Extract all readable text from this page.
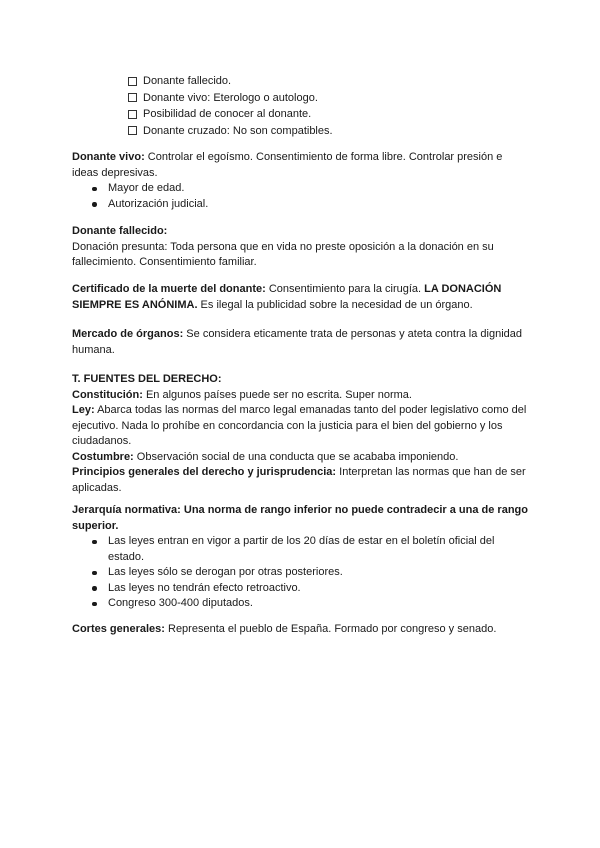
Donante fallecido.
Donante vivo: Eterologo o autologo.
Posibilidad de conocer al donante.
Donante cruzado: No son compatibles.

Donante vivo: Controlar el egoísmo. Consentimiento de forma libre. Controlar presión e ideas depresivas.

Mayor de edad.
Autorización judicial.

Donante fallecido:

Donación presunta: Toda persona que en vida no preste oposición a la donación en su fallecimiento. Consentimiento familiar.

Certificado de la muerte del donante: Consentimiento para la cirugía. LA DONACIÓN SIEMPRE ES ANÓNIMA. Es ilegal la publicidad sobre la necesidad de un órgano.

Mercado de órganos: Se considera eticamente trata de personas y ateta contra la dignidad humana.

T. FUENTES DEL DERECHO:

Constitución: En algunos países puede ser no escrita. Super norma.

Ley: Abarca todas las normas del marco legal emanadas tanto del poder legislativo como del ejecutivo. Nada lo prohíbe en concordancia con la justicia para el bien del gobierno y los ciudadanos.

Costumbre: Observación social de una conducta que se acababa imponiendo.

Principios generales del derecho y jurisprudencia: Interpretan las normas que han de ser aplicadas.

Jerarquía normativa: Una norma de rango inferior no puede contradecir a una de rango superior.

Las leyes entran en vigor a partir de los 20 días de estar en el boletín oficial del estado.
Las leyes sólo se derogan por otras posteriores.
Las leyes no tendrán efecto retroactivo.
Congreso 300-400 diputados.

Cortes generales: Representa el pueblo de España. Formado por congreso y senado.
